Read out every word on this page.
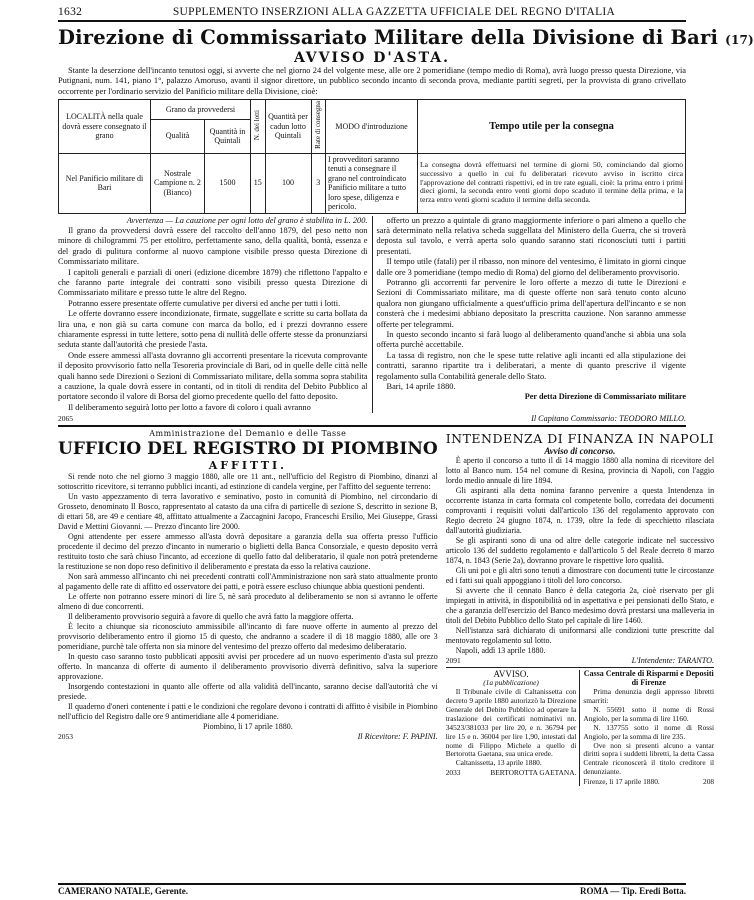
1632	SUPPLEMENTO INSERZIONI ALLA GAZZETTA UFFICIALE DEL REGNO D'ITALIA
Direzione di Commissariato Militare della Divisione di Bari (17)
AVVISO D'ASTA.

Stante la deserzione dell'incanto tenutosi oggi, si avverte che nel giorno 24 del volgente mese, alle ore 2 pomeridiane (tempo medio di Roma), avrà luogo presso questa Direzione, via Putignani, num. 141, piano 1°, palazzo Amoruso, avanti il signor direttore, un pubblico secondo incanto di seconda prova, mediante partiti segreti, per la provvista di grano crivellato occorrente per l'ordinario servizio del Panificio militare della Divisione, cioè:

LOCALITÀ nella quale dovrà essere consegnato il grano	Grano da provvedersi		N. dei lotti	Quantità per cadun lotto Quintali	Rate di consegna	MODO d'introduzione	Tempo utile per la consegna
	Qualità	Quantità in Quintali					
Nel Panificio militare di Bari	Nostrale Campione n. 2 (Bianco)	1500	15	100	3	I provveditori saranno tenuti a consegnare il grano nel controindicato Panificio militare a tutto loro spese, diligenza e pericolo.	La consegna dovrà effettuarsi nel termine di giorni 50, cominciando dal giorno successivo a quello in cui fu deliberatari ricevuto avviso in iscritto circa l'approvazione del contratti rispettivi, ed in tre rate eguali, cioè: la prima entro i primi dieci giorni, la seconda entro venti giorni dopo scaduto il termine della prima, e la terza entro venti giorni scaduto il termine della seconda.

Avvertenza — La cauzione per ogni lotto del grano è stabilita in L. 200.

Il grano da provvedersi dovrà essere del raccolto dell'anno 1879, del peso netto non minore di chilogrammi 75 per ettolitro, perfettamente sano, della qualità, bontà, essenza e del grado di pulitura conforme al nuovo campione visibile presso questa Direzione di Commissariato militare.

I capitoli generali e parziali di oneri (edizione dicembre 1879) che riflettono l'appalto e che faranno parte integrale dei contratti sono visibili presso questa Direzione di Commissariato militare e presso tutte le altre del Regno.

Potranno essere presentate offerte cumulative per diversi ed anche per tutti i lotti.

Le offerte dovranno essere incondizionate, firmate, suggellate e scritte su carta bollata da lira una, e non già su carta comune con marca da bollo, ed i prezzi dovranno essere chiaramente espressi in tutte lettere, sotto pena di nullità delle offerte stesse da pronunziarsi seduta stante dall'autorità che presiede l'asta.

Onde essere ammessi all'asta dovranno gli accorrenti presentare la ricevuta comprovante il deposito provvisorio fatto nella Tesoreria provinciale di Bari, od in quelle delle città nelle quali hanno sede Direzioni o Sezioni di Commissariato militare, della somma sopra stabilita a cauzione, la quale dovrà essere in contanti, od in titoli di rendita del Debito Pubblico al portatore secondo il valore di Borsa del giorno precedente quello del fatto deposito.

Il deliberamento seguirà lotto per lotto a favore di coloro i quali avranno

offerto un prezzo a quintale di grano maggiormente inferiore o pari almeno a quello che sarà determinato nella relativa scheda suggellata del Ministero della Guerra, che si troverà deposta sul tavolo, e verrà aperta solo quando saranno stati riconosciuti tutti i partiti presentati.

Il tempo utile (fatali) per il ribasso, non minore del ventesimo, è limitato in giorni cinque dalle ore 3 pomeridiane (tempo medio di Roma) del giorno del deliberamento provvisorio.

Potranno gli accorrenti far pervenire le loro offerte a mezzo di tutte le Direzioni e Sezioni di Commissariato militare, ma di queste offerte non sarà tenuto conto alcuno qualora non giungano ufficialmente a quest'ufficio prima dell'apertura dell'incanto e se non consterà che i medesimi abbiano depositato la prescritta cauzione. Non saranno ammesse offerte per telegrammi.

In questo secondo incanto si farà luogo al deliberamento quand'anche si abbia una sola offerta purchè accettabile.

La tassa di registro, non che le spese tutte relative agli incanti ed alla stipulazione dei contratti, saranno ripartite tra i deliberatari, a mente di quanto prescrive il vigente regolamento sulla Contabilità generale dello Stato.

Bari, 14 aprile 1880.

Per detta Direzione di Commissariato militare
2065	Il Capitano Commissario: TEODORO MILLO.
Amministrazione del Demanio e delle Tasse
UFFICIO DEL REGISTRO DI PIOMBINO
AFFITTI.

Si rende noto che nel giorno 3 maggio 1880, alle ore 11 ant., nell'ufficio del Registro di Piombino, dinanzi al sottoscritto ricevitore, si terranno pubblici incanti, ad estinzione di candela vergine, per l'affitto del seguente terreno:

Un vasto appezzamento di terra lavorativo e seminativo, posto in comunità di Piombino, nel circondario di Grosseto, denominato Il Bosco, rappresentato al catasto da una cifra di particelle di sezione S, descritto in sezione B, di ettari 58, are 49 e centiare 48, affittato attualmente a Zaccagnini Jacopo, Franceschi Ersilio, Mei Giuseppe, Grassi David e Mettini Giovanni. — Prezzo d'incanto lire 2000.

Ogni attendente per essere ammesso all'asta dovrà depositare a garanzia della sua offerta presso l'ufficio procedente il decimo del prezzo d'incanto in numerario o biglietti della Banca Consorziale, e questo deposito verrà restituito tosto che sarà chiuso l'incanto, ad eccezione di quello fatto dal deliberatario, il quale non potrà pretenderne la restituzione se non dopo reso definitivo il deliberamento e prestata da esso la relativa cauzione.

Non sarà ammesso all'incanto chi nei precedenti contratti coll'Amministrazione non sarà stato attualmente pronto al pagamento delle rate di affitto ed osservatore dei patti, e potrà essere escluso chiunque abbia questioni pendenti.

Le offerte non potranno essere minori di lire 5, nè sarà proceduto al deliberamento se non si avranno le offerte almeno di due concorrenti.

Il deliberamento provvisorio seguirà a favore di quello che avrà fatto la maggiore offerta.

È lecito a chiunque sia riconosciuto ammissibile all'incanto di fare nuove offerte in aumento al prezzo del provvisorio deliberamento entro il giorno 15 di questo, che andranno a scadere il dì 18 maggio 1880, alle ore 3 pomeridiane, purchè tale offerta non sia minore del ventesimo del prezzo offerto dal medesimo deliberatario.

In questo caso saranno tosto pubblicati appositi avvisi per procedere ad un nuovo esperimento d'asta sul prezzo offerto. In mancanza di offerte di aumento il deliberamento provvisorio diverrà definitivo, salva la superiore approvazione.

Insorgendo contestazioni in quanto alle offerte od alla validità dell'incanto, saranno decise dall'autorità che vi presiede.

Il quaderno d'oneri contenente i patti e le condizioni che regolare devono i contratti di affitto è visibile in Piombino nell'ufficio del Registro dalle ore 9 antimeridiane alle 4 pomeridiane.

Piombino, li 17 aprile 1880.

2053	Il Ricevitore: F. PAPINI.
INTENDENZA DI FINANZA IN NAPOLI
Avviso di concorso.

È aperto il concorso a tutto il dì 14 maggio 1880 alla nomina di ricevitore del lotto al Banco num. 154 nel comune di Resina, provincia di Napoli, con l'aggio lordo medio annuale di lire 1894.

Gli aspiranti alla detta nomina faranno pervenire a questa Intendenza in occorrente istanza in carta formata col competente bollo, corredata dei documenti comprovanti i requisiti voluti dall'articolo 136 del regolamento approvato con Regio decreto 24 giugno 1874, n. 1739, oltre la fede di specchietto rilasciata dall'autorità giudiziaria.

Se gli aspiranti sono di una od altre delle categorie indicate nel successivo articolo 136 del suddetto regolamento e dall'articolo 5 del Reale decreto 8 marzo 1874, n. 1843 (Serie 2a), dovranno provare le rispettive loro qualità.

Gli uni poi e gli altri sono tenuti a dimostrare con documenti tutte le circostanze ed i fatti sui quali appoggiano i titoli del loro concorso.

Si avverte che il cennato Banco è della categoria 2a, cioè riservato per gli impiegati in attività, in disponibilità od in aspettativa e pei pensionati dello Stato, e che a garanzia dell'esercizio del Banco medesimo dovrà prestarsi una malleveria in titoli del Debito Pubblico dello Stato pel capitale di lire 1460.

Nell'istanza sarà dichiarato di uniformarsi alle condizioni tutte prescritte dal mentovato regolamento sul lotto.

Napoli, addì 13 aprile 1880.

2091	L'Intendente: TARANTO.

AVVISO.

(1a pubblicazione)

Il Tribunale civile di Caltanissetta con decreto 9 aprile 1880 autorizzò la Direzione Generale del Debito Pubblico ad operare la traslazione dei certificati nominativi nn. 34523/381033 per lire 20, e n. 36794 per lire 15 e n. 36004 per lire 1,90, intestati dal nome di Filippo Michele a quello di Bertorotta Gaetana, sua unica erede.

Caltanissetta, 13 aprile 1880.

2033	BERTOROTTA GAETANA.

Cassa Centrale di Risparmi e Depositi di Firenze

Prima denunzia degli appresso libretti smarriti:

N. 55691 sotto il nome di Rossi Angiolo, per la somma di lire 1160.

N. 137755 sotto il nome di Rossi Angiolo, per la somma di lire 235.

Ove non si presenti alcuno a vantar diritti sopra i suddetti libretti, la detta Cassa Centrale riconoscerà il titolo creditore il denunziante.

Firenze, li 17 aprile 1880.	208
CAMERANO NATALE, Gerente.	ROMA — Tip. Eredi Botta.
